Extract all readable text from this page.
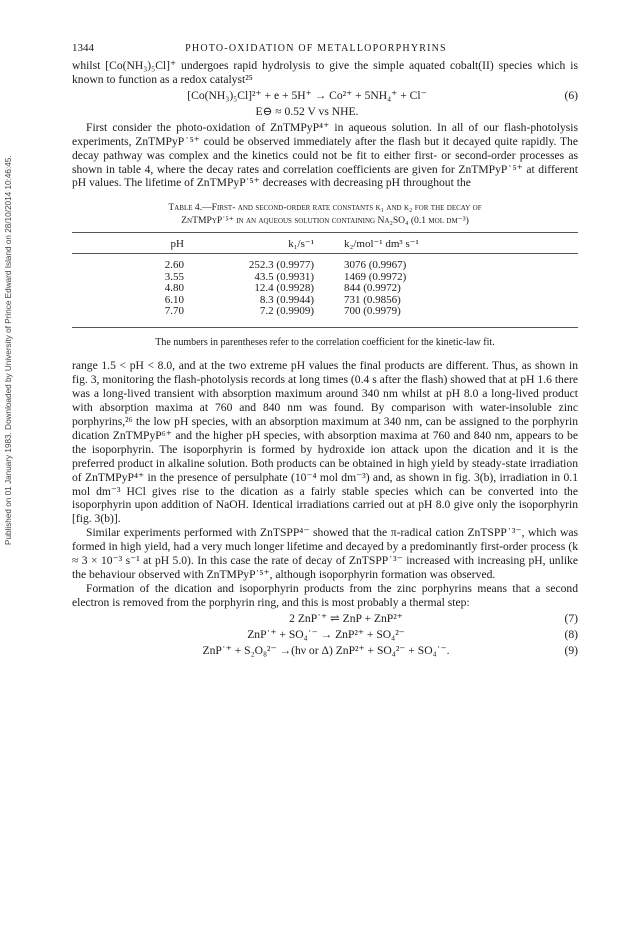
Published on 01 January 1983. Downloaded by University of Prince Edward Island on 28/10/2014 10:46:45.
1344	PHOTO-OXIDATION OF METALLOPORPHYRINS

whilst [Co(NH₃)₅Cl]⁺ undergoes rapid hydrolysis to give the simple aquated cobalt(II) species which is known to function as a redox catalyst²⁵

[Co(NH₃)₅Cl]²⁺ + e + 5H⁺ → Co²⁺ + 5NH₄⁺ + Cl⁻	(6)
E⊖ ≈ 0.52 V vs NHE.

First consider the photo-oxidation of ZnTMPyP⁴⁺ in aqueous solution. In all of our flash-photolysis experiments, ZnTMPyP˙⁵⁺ could be observed immediately after the flash but it decayed quite rapidly. The decay pathway was complex and the kinetics could not be fit to either first- or second-order processes as shown in table 4, where the decay rates and correlation coefficients are given for ZnTMPyP˙⁵⁺ at different pH values. The lifetime of ZnTMPyP˙⁵⁺ decreases with decreasing pH throughout the

Table 4.—First- and second-order rate constants k₁ and k₂ for the decay of
ZnTMPyP˙⁵⁺ in an aqueous solution containing Na₂SO₄ (0.1 mol dm⁻³)
pH	k₁/s⁻¹	k₂/mol⁻¹ dm³ s⁻¹
2.60	252.3 (0.9977)	3076 (0.9967)
3.55	43.5 (0.9931)	1469 (0.9972)
4.80	12.4 (0.9928)	844 (0.9972)
6.10	8.3 (0.9944)	731 (0.9856)
7.70	7.2 (0.9909)	700 (0.9979)
The numbers in parentheses refer to the correlation coefficient for the kinetic-law fit.

range 1.5 < pH < 8.0, and at the two extreme pH values the final products are different. Thus, as shown in fig. 3, monitoring the flash-photolysis records at long times (0.4 s after the flash) showed that at pH 1.6 there was a long-lived transient with absorption maximum around 340 nm whilst at pH 8.0 a long-lived product with absorption maxima at 760 and 840 nm was found. By comparison with water-insoluble zinc porphyrins,²⁶ the low pH species, with an absorption maximum at 340 nm, can be assigned to the porphyrin dication ZnTMPyP⁶⁺ and the higher pH species, with absorption maxima at 760 and 840 nm, appears to be the isoporphyrin. The isoporphyrin is formed by hydroxide ion attack upon the dication and it is the preferred product in alkaline solution. Both products can be obtained in high yield by steady-state irradiation of ZnTMPyP⁴⁺ in the presence of persulphate (10⁻⁴ mol dm⁻³) and, as shown in fig. 3(b), irradiation in 0.1 mol dm⁻³ HCl gives rise to the dication as a fairly stable species which can be converted into the isoporphyrin upon addition of NaOH. Identical irradiations carried out at pH 8.0 give only the isoporphyrin [fig. 3(b)].

Similar experiments performed with ZnTSPP⁴⁻ showed that the π-radical cation ZnTSPP˙³⁻, which was formed in high yield, had a very much longer lifetime and decayed by a predominantly first-order process (k ≈ 3 × 10⁻³ s⁻¹ at pH 5.0). In this case the rate of decay of ZnTSPP˙³⁻ increased with increasing pH, unlike the behaviour observed with ZnTMPyP˙⁵⁺, although isoporphyrin formation was observed.

Formation of the dication and isoporphyrin products from the zinc porphyrins means that a second electron is removed from the porphyrin ring, and this is most probably a thermal step:

2 ZnP˙⁺ ⇌ ZnP + ZnP²⁺	(7)
ZnP˙⁺ + SO₄˙⁻ → ZnP²⁺ + SO₄²⁻	(8)
ZnP˙⁺ + S₂O₈²⁻ →(hν or Δ) ZnP²⁺ + SO₄²⁻ + SO₄˙⁻.	(9)
